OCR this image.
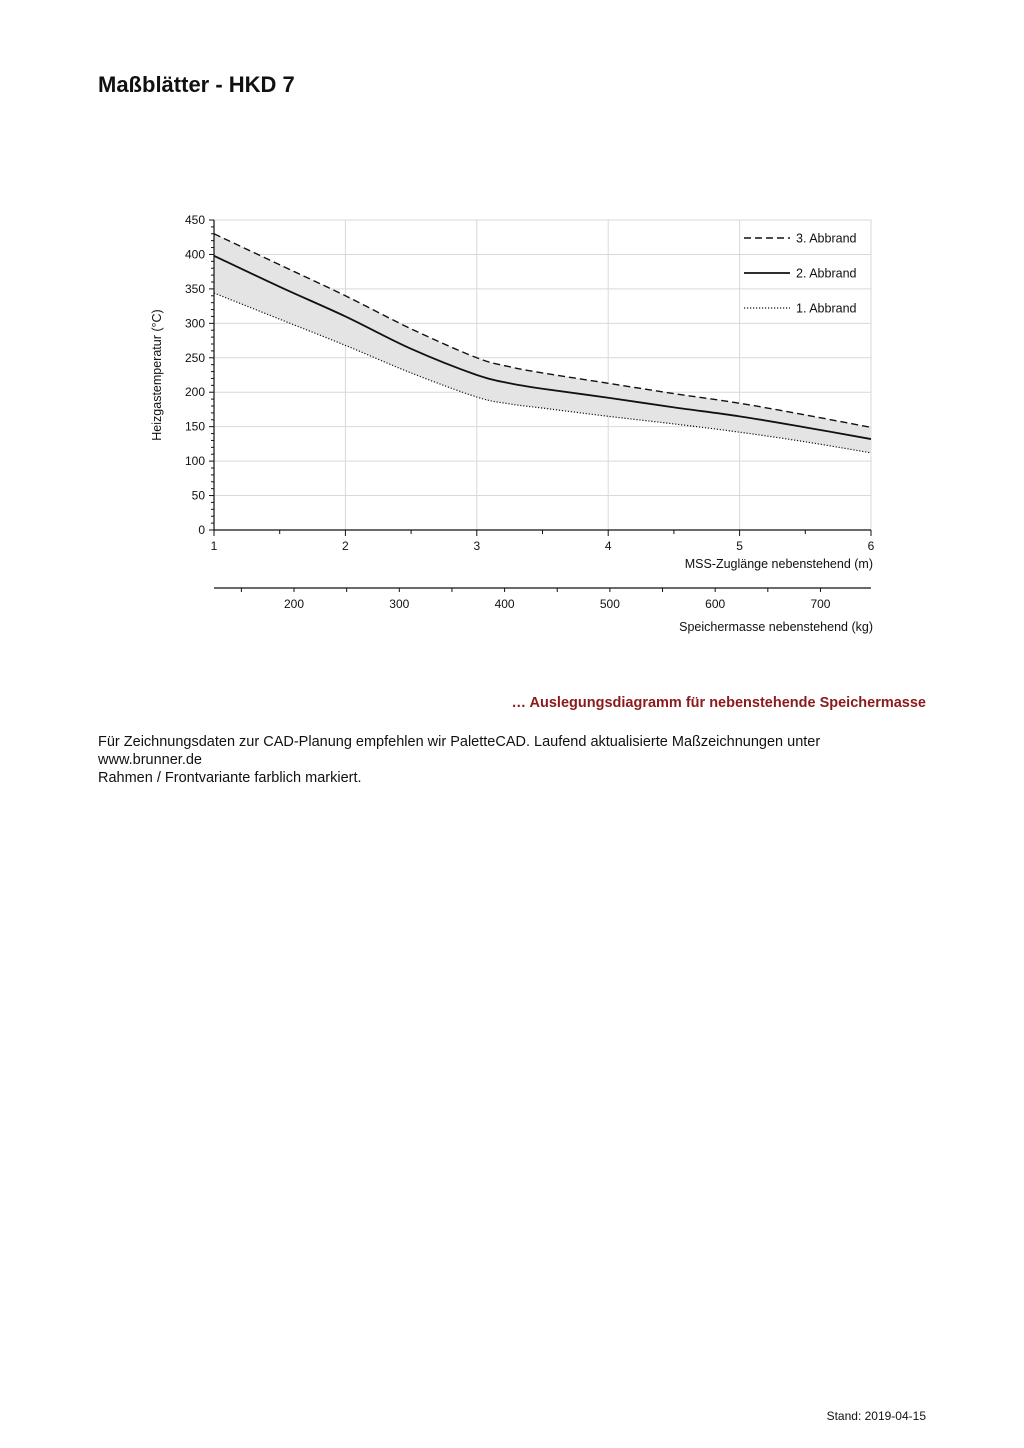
Maßblätter - HKD 7
0
50
100
150
200
250
300
350
400
450
1	2	3	4	5	6
MSS-Zuglänge nebenstehend (m)
Heizgastemperatur (°C)
200	300	400	500	600	700
Speichermasse nebenstehend (kg)
3. Abbrand
2. Abbrand
1. Abbrand
… Auslegungsdiagramm für nebenstehende Speichermasse
Für Zeichnungsdaten zur CAD-Planung empfehlen wir PaletteCAD. Laufend aktualisierte Maßzeichnungen unter
www.brunner.de
Rahmen / Frontvariante farblich markiert.
Stand: 2019-04-15
